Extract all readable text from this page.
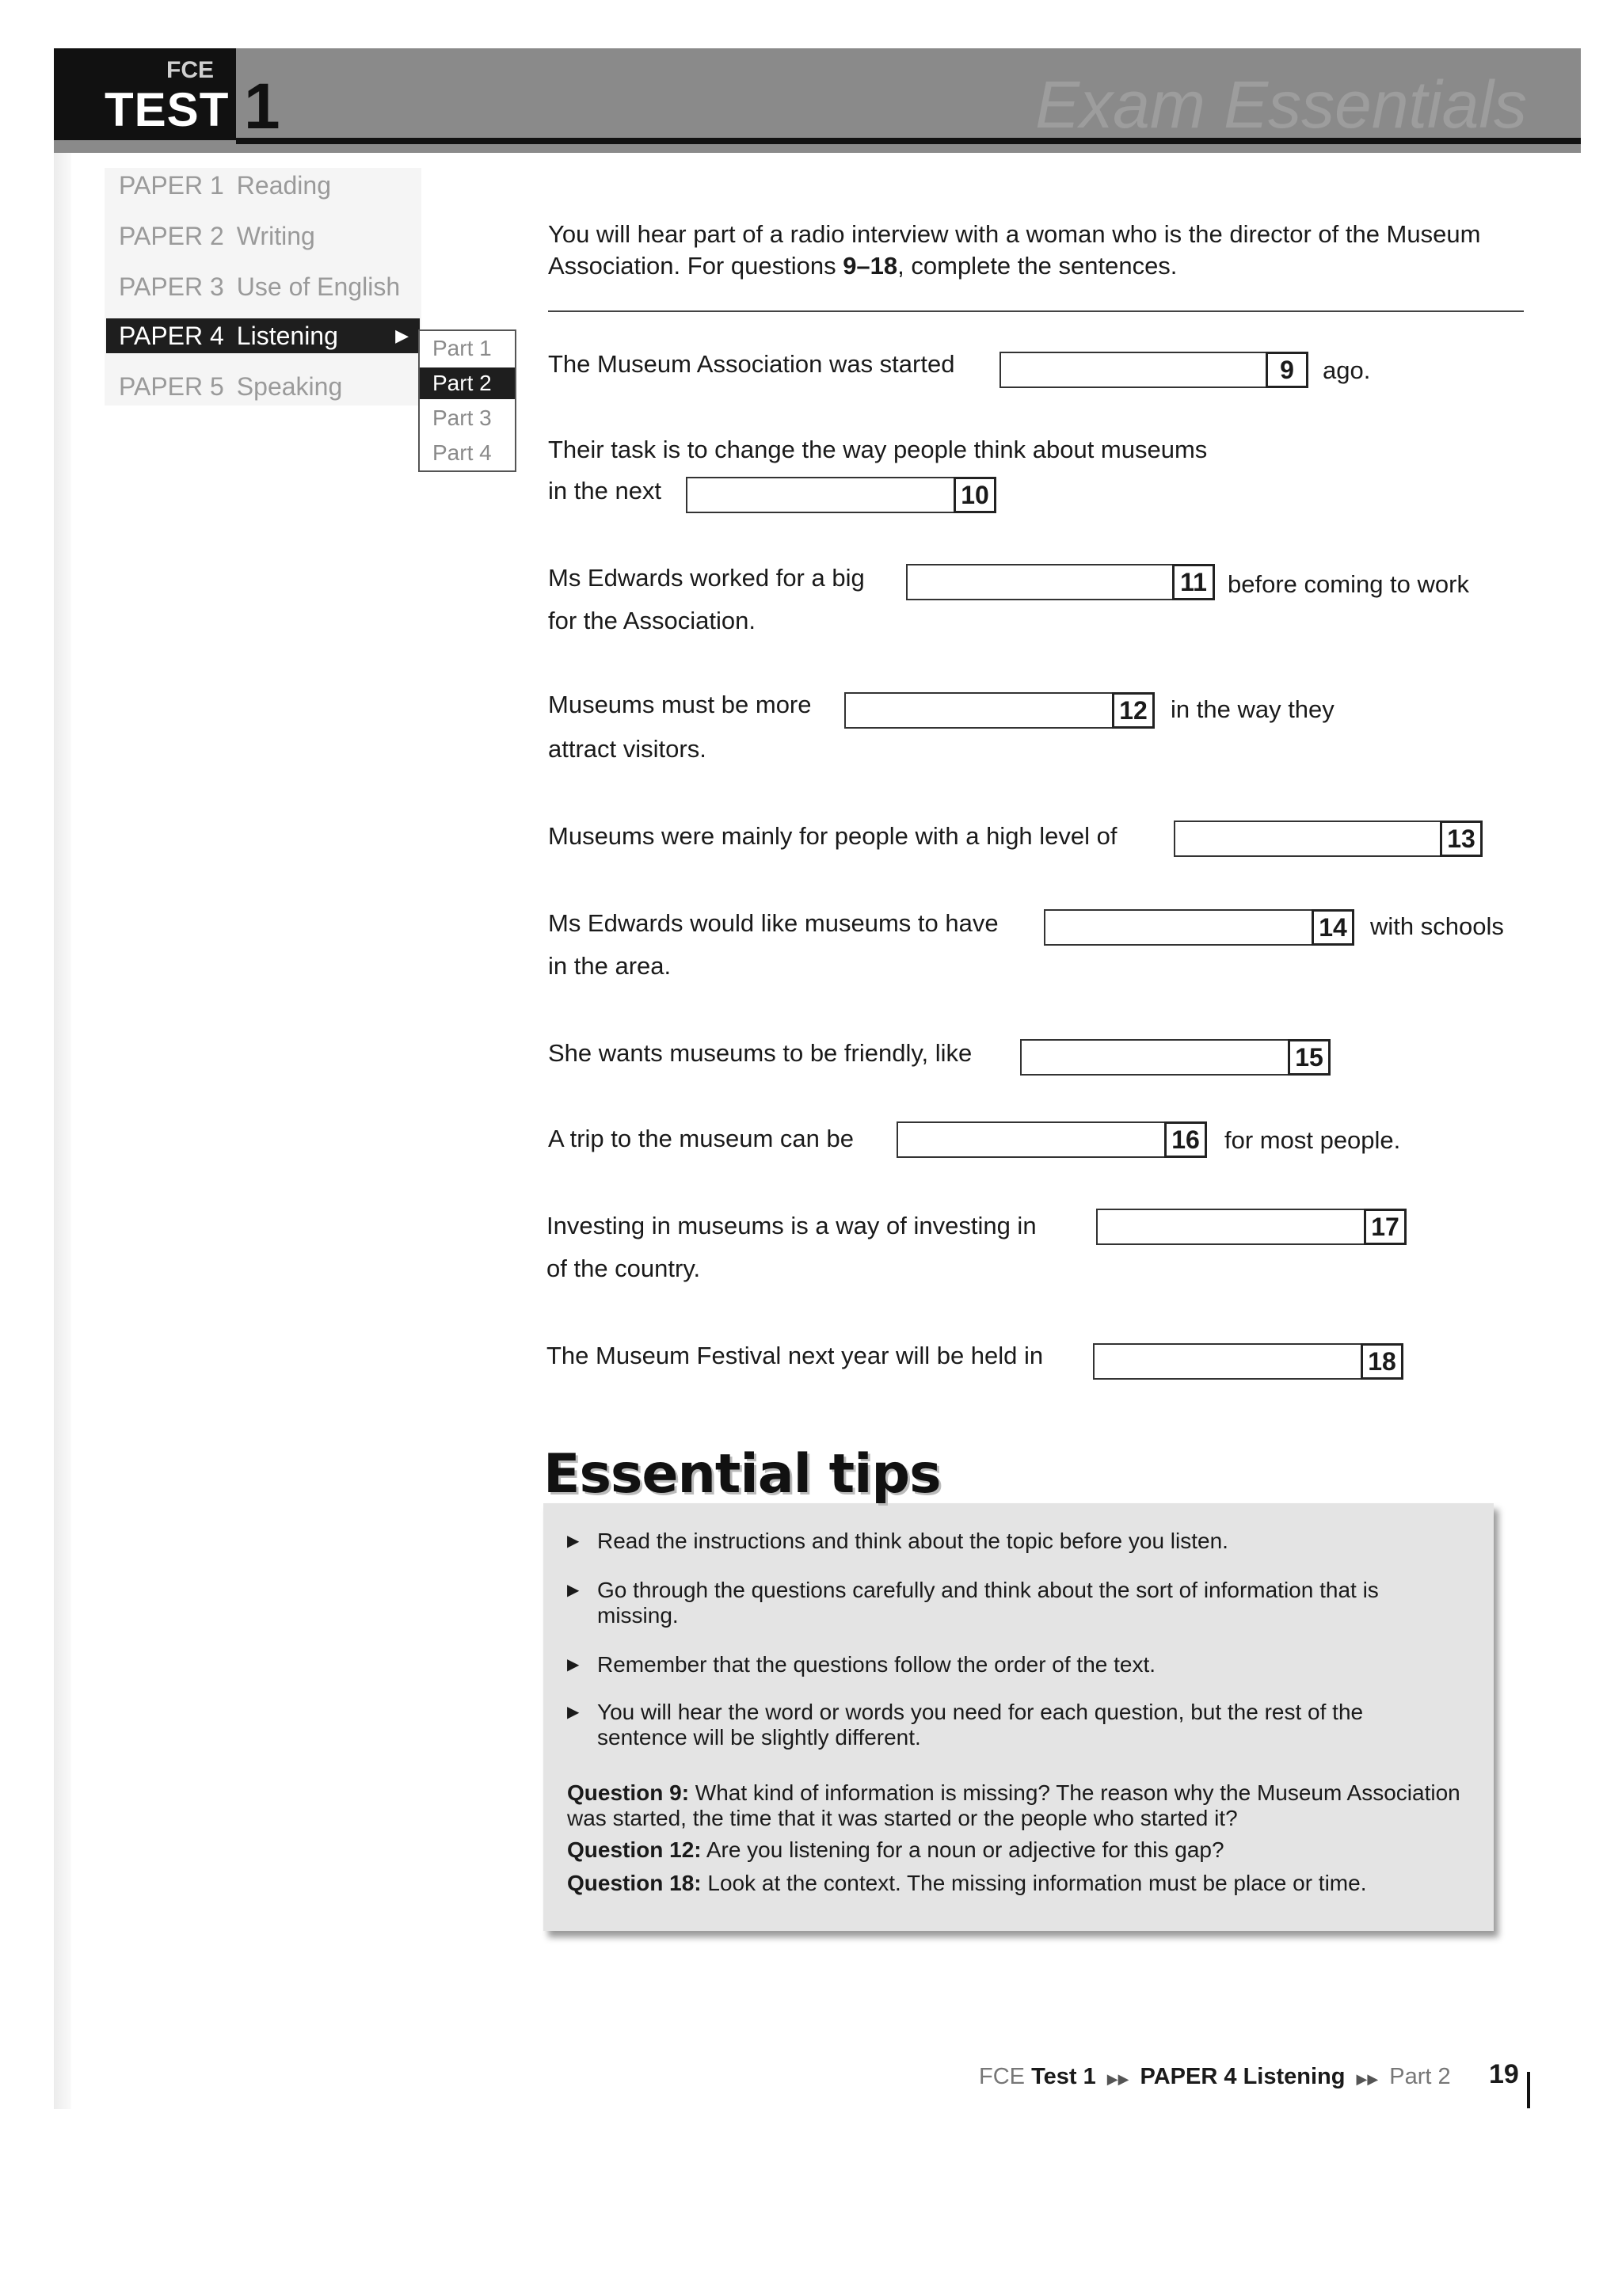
FCE
TEST 1	Exam Essentials
PAPER 1 Reading
PAPER 2 Writing
PAPER 3 Use of English
PAPER 4 Listening	▶
PAPER 5 Speaking
Part 1
Part 2
Part 3
Part 4
You will hear part of a radio interview with a woman who is the director of the Museum Association. For questions 9–18, complete the sentences.
The Museum Association was started	9	ago.
Their task is to change the way people think about museums
in the next	10
Ms Edwards worked for a big	11 before coming to work
for the Association.
Museums must be more	12 in the way they
attract visitors.
Museums were mainly for people with a high level of	13
Ms Edwards would like museums to have	14 with schools
in the area.
She wants museums to be friendly, like	15
A trip to the museum can be	16 for most people.
Investing in museums is a way of investing in	17
of the country.
The Museum Festival next year will be held in	18
Essential tips
▶ Read the instructions and think about the topic before you listen.
▶ Go through the questions carefully and think about the sort of information that is missing.
▶ Remember that the questions follow the order of the text.
▶ You will hear the word or words you need for each question, but the rest of the sentence will be slightly different.
Question 9: What kind of information is missing? The reason why the Museum Association was started, the time that it was started or the people who started it?
Question 12: Are you listening for a noun or adjective for this gap?
Question 18: Look at the context. The missing information must be place or time.
FCE Test 1 ▶▶ PAPER 4 Listening ▶▶ Part 2 19
